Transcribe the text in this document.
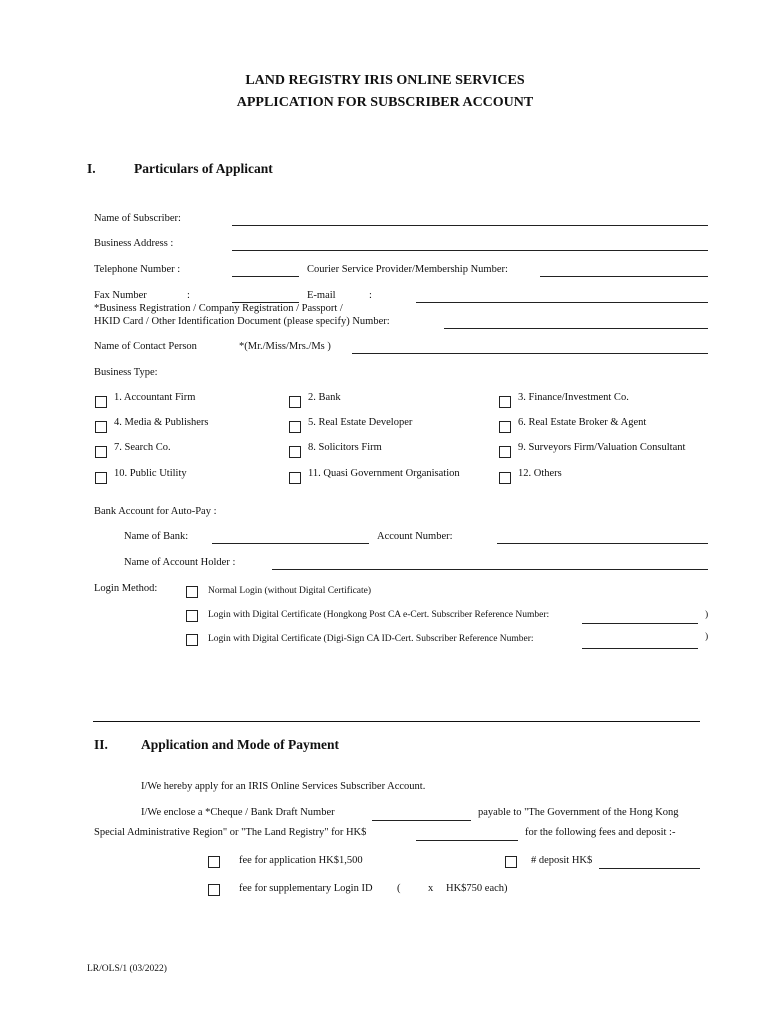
LAND REGISTRY IRIS ONLINE SERVICES
APPLICATION FOR SUBSCRIBER ACCOUNT
I.	Particulars of Applicant
Name of Subscriber:
Business Address :
Telephone Number :	Courier Service Provider/Membership Number:
Fax Number	:	E-mail	:
*Business Registration / Company Registration / Passport /
HKID Card / Other Identification Document (please specify) Number:
Name of Contact Person	*(Mr./Miss/Mrs./Ms )
Business Type:
1. Accountant Firm	2. Bank	3. Finance/Investment Co.
4. Media & Publishers	5. Real Estate Developer	6. Real Estate Broker & Agent
7. Search Co.	8. Solicitors Firm	9. Surveyors Firm/Valuation Consultant
10. Public Utility	11. Quasi Government Organisation	12. Others
Bank Account for Auto-Pay :
Name of Bank:	Account Number:
Name of Account Holder :
Login Method:	Normal Login (without Digital Certificate)
Login with Digital Certificate (Hongkong Post CA e-Cert. Subscriber Reference Number:	)
Login with Digital Certificate (Digi-Sign CA ID-Cert. Subscriber Reference Number:	)
II. Application and Mode of Payment
I/We hereby apply for an IRIS Online Services Subscriber Account.
I/We enclose a *Cheque / Bank Draft Number	payable to "The Government of the Hong Kong
Special Administrative Region" or "The Land Registry" for HK$	for the following fees and deposit :-
fee for application HK$1,500	# deposit HK$
fee for supplementary Login ID (	x HK$750 each)
LR/OLS/1 (03/2022)
